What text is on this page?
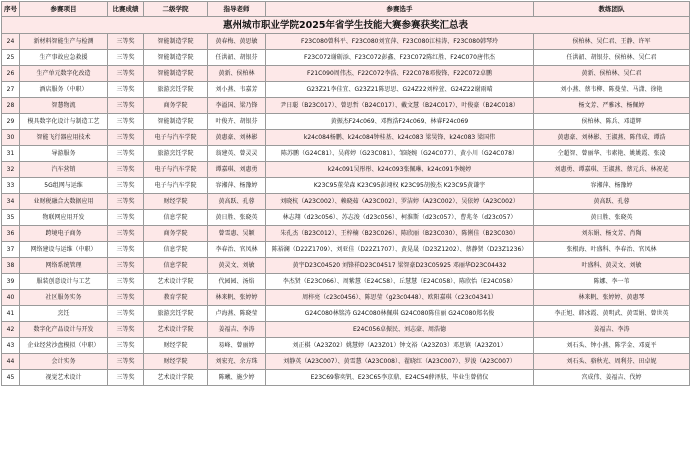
惠州城市职业学院2025年省学生技能大赛参赛获奖汇总表						
序号	参赛项目	比赛成绩	二级学院	指导老师	参赛选手	教练团队
24	新材料智能生产与检测	三等奖	智能制造学院	黄春梅、黄思敏	F23C080曾科平、F23C080刘宜萍、F23C080江桂涛、F23C080韩琴玲	侯柏林、吴仁君、王静、许军
25	生产事故应急救援	三等奖	智能制造学院	任洪韶、胡银芬	F23C072谢砺添、F23C072彭鑫、F23C072陈红胜、F24C070唐伟杰	任洪韶、胡银芬、侯柏林、吴仁君
26	生产单元数字化改造	三等奖	智能制造学院	黄新、侯柏林	F21C090周伟杰、F22C072李浩、F22C078邓俊锋、F22C072卓鹏	黄新、侯柏林、吴仁君
27	酒店服务（中职）	三等奖	旅游烹饪学院	刘小燕、韦嘉芳	G23Z21李佳宜、G23Z21陈思思、G24Z22刘梓萱、G24Z22谢雨晴	刘小燕、蔡韦柳、陈曼莹、马潇、徐艳
28	智慧物流	三等奖	商务学院	李溢国、梁乃锋	尹日聪（B23C017）、曾思哲（B24C017）、戴文慧（B24C017）、叶俊豪（B24C018）	杨文芳、严雅冰、杨佩婷
29	模具数字化设计与制造工艺	三等奖	智能制造学院	叶俊卉、胡银芬	黄振杰F24c069、邓煦浩F24c069、林睿F24c069	侯柏林、陈兵、邓道辉
30	智能飞行器应用技术	三等奖	电子与汽车学院	黄惠豪、刘林影	k24c084杨鹏、k24c084钟桂基、k24c083 梁昊锋、k24c083 梁国伟	黄惠豪、刘林影、王淑燕、陈伟成、谭浩
31	导游服务	三等奖	旅游烹饪学院	翁建英、曾灵灵	陈苏鹏（G24C81）、吴蒋婷（G23C081）、邹晓婉（G24C077）、黄小川（G24C078）	仝超智、曾丽华、韦素艳、姚姚霞、张凌
32	汽车营销	三等奖	电子与汽车学院	谭嘉琪、刘惠勇	k24c091吴彤彤、k24c093张佩琳、k24c091李婉婷	刘惠勇、谭嘉琪、王淑燕、蔡元兵、林祝花
33	5G组网与运维	三等奖	电子与汽车学院	容湘萍、杨豫婷	K23C95董荣森 K23C95彭翊权 K23C95胡俊杰 K23C95黄谦宇	容湘萍、杨豫婷
34	业财税融合大数据应用	三等奖	财经学院	黄高跃、孔蓉	刘晓杭（A23C002）、赖晓茹（A23C002）、罗洁婷（A23C002）、吴依婷（A23C002）	黄高跃、孔蓉
35	物联网应用开发	三等奖	信息学院	黄日胜、张晓英	林志翔（d23c056）、苏志浚（d23c056）、柯淮斯（d23c057）、曹兆冬（d23c057）	黄日胜、张晓英
36	跨境电子商务	三等奖	商务学院	曾雪惠、吴颖	朱孔杰（B23C012）、王梓楠（B23C026）、陈欣丽（B23C030）、陈俐佳（B23C030）	刘东娟、杨文芳、肖陶
37	网络建设与运维（中职）	三等奖	信息学院	李春治、官凤林	陈裕澜（D22Z1709）、刘亚佳（D22Z1707）、黄晃晟（D23Z1202）、蔡静贤（D23Z1236）	张根海、叶盛科、李春治、官凤林
38	网络系统管理	三等奖	信息学院	黄灵文、刘敏	黄宇D23C04520 刘锋祥D23C04517 梁智豪D23C05925 邓丽华D23C04432	叶盛科、黄灵文、刘敏
39	服装创意设计与工艺	三等奖	艺术设计学院	代园园、汤焰	李杰贤（E23C066）、周紫慧（E24C58）、丘慧慧（E24C058）、陈欣怡（E24C058）	陈娜、李一苇
40	社区服务实务	三等奖	教育学院	林来帆、张婷婷	周梓亮（c23c0456）、陈思莹（g23c0448）、欧阳嘉琪（c23c04341）	林来帆、张婷婷、黄惠琴
41	烹饪	三等奖	旅游烹饪学院	卢海燕、陈晓莹	G24C080林铭涛 G24C080林佩琪 G24C080陈佳丽 G24C080郑名俊	李正旭、韩冰霞、黄明武、黄雪娟、曾世英
42	数字化产品设计与开发	三等奖	艺术设计学院	姜福吉、李涛	E24C056卓振民、刘志豪、周浩德	姜福吉、李涛
43	企业经营沙盘模拟（中职）	三等奖	财经学院	易峰、曾丽婷	刘正棋（A23Z02）姚慧婷（A23Z01）钟文裕（A23Z03）邓思镇（A23Z01）	刘石头、钟小燕、陈学金、邓夏平
44	会计实务	三等奖	财经学院	刘宏充、余方珠	刘静英（A23C007）、黄雪慧（A23C008）、翟晓红（A23C007）、罗浚（A23C007）	刘石头、骆秋光、周利芬、田卓妮
45	视觉艺术设计	三等奖	艺术设计学院	陈曦、施少婷	E23C69黎奕钒、E23C65李京鼎、E24C54薛泽肤、毕业生曾倩仪	宫成伟、姜福吉、伐婷
